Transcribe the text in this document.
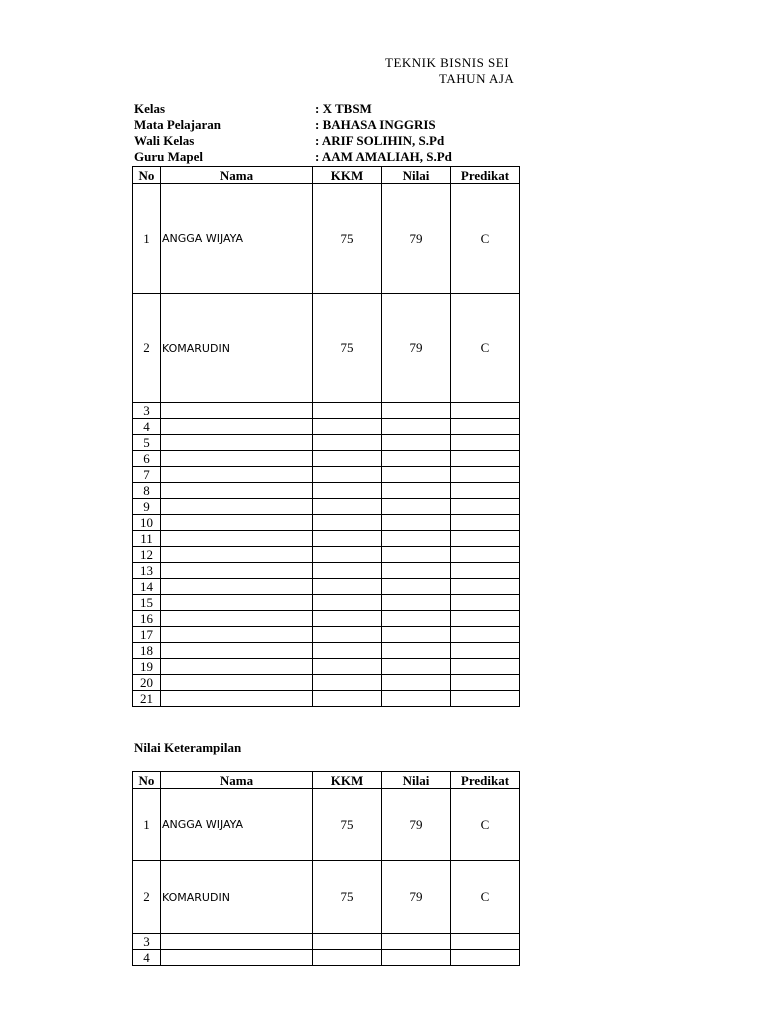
TEKNIK BISNIS SEI
TAHUN AJA
Kelas	: X TBSM
Mata Pelajaran	: BAHASA INGGRIS
Wali Kelas	: ARIF SOLIHIN, S.Pd
Guru Mapel	: AAM AMALIAH, S.Pd
No	Nama	KKM	Nilai	Predikat
1	ANGGA WIJAYA	75	79	C
2	KOMARUDIN	75	79	C
3				
4				
5				
6				
7				
8				
9				
10				
11				
12				
13				
14				
15				
16				
17				
18				
19				
20				
21				
Nilai Keterampilan
No	Nama	KKM	Nilai	Predikat
1	ANGGA WIJAYA	75	79	C
2	KOMARUDIN	75	79	C
3				
4				
